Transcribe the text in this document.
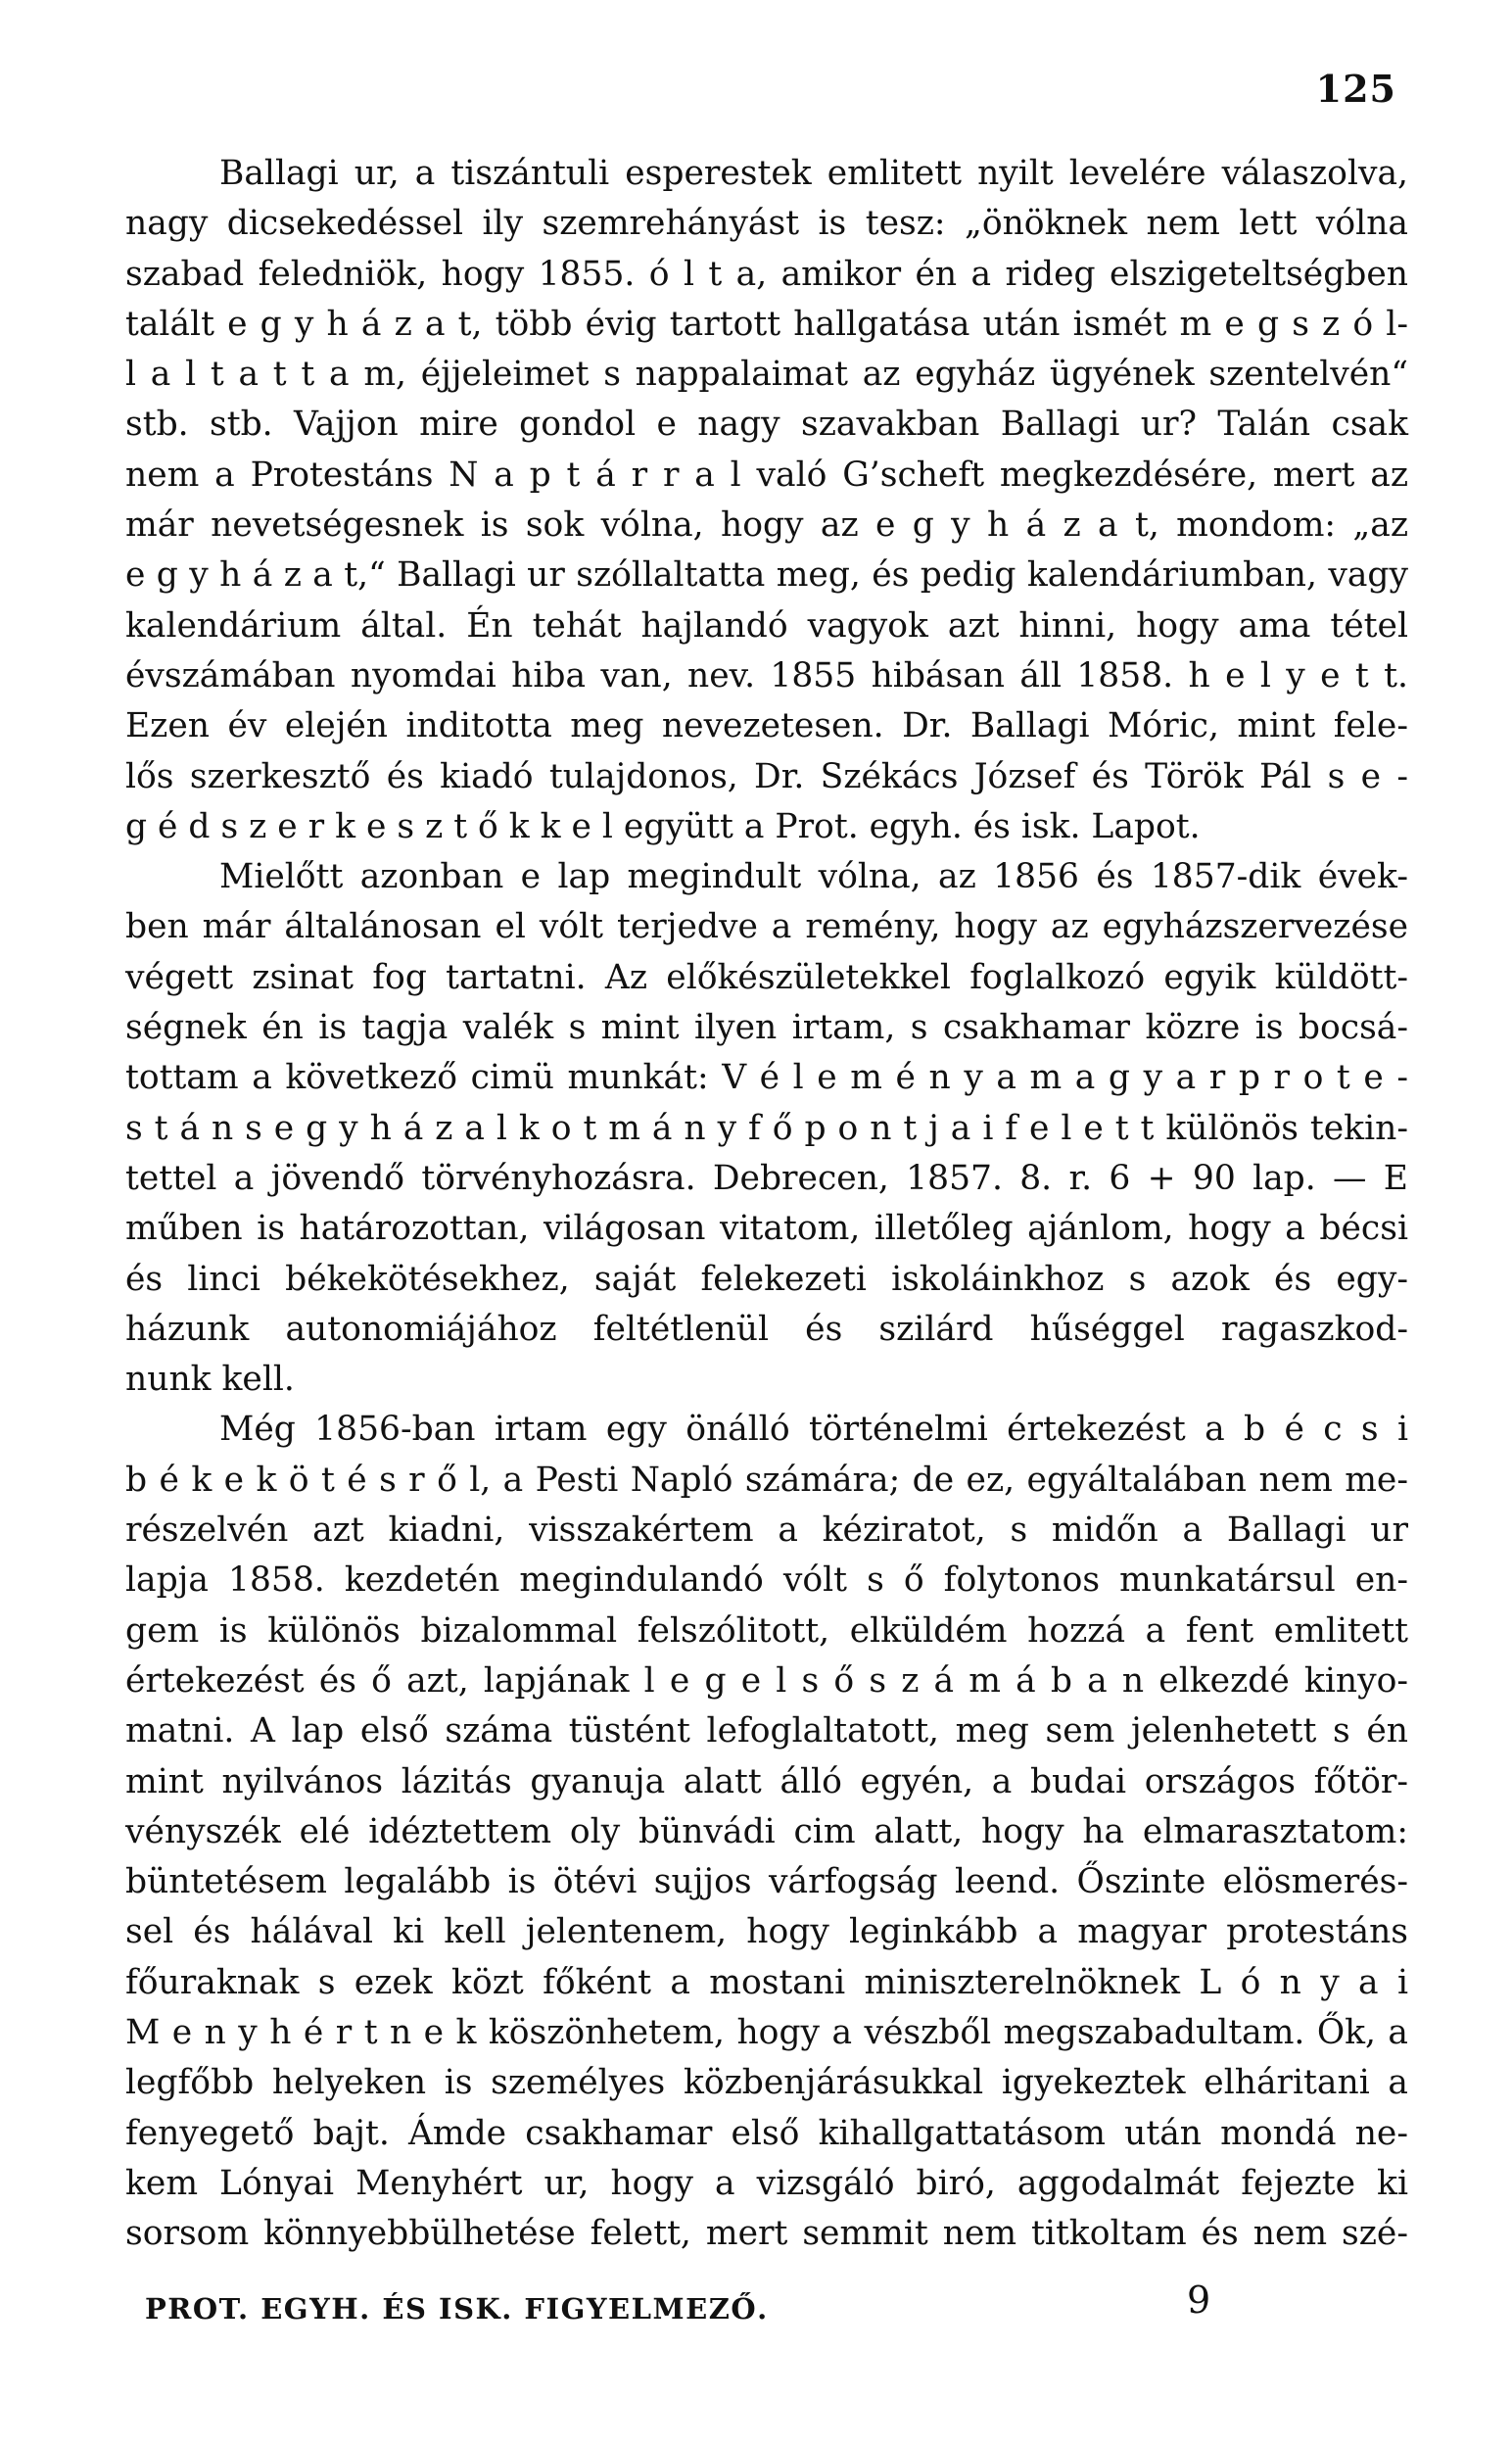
125
Ballagi ur, a tiszántuli esperestek emlitett nyilt levelére válaszolva,
nagy dicsekedéssel ily szemrehányást is tesz: „önöknek nem lett vólna
szabad feledniök, hogy 1855. ó l t a, amikor én a rideg elszigeteltségben
talált e g y h á z a t, több évig tartott hallgatása után ismét m e g s z ó l-
l a l t a t t a m, éjjeleimet s nappalaimat az egyház ügyének szentelvén“
stb. stb. Vajjon mire gondol e nagy szavakban Ballagi ur? Talán csak
nem a Protestáns N a p t á r r a l való G’scheft megkezdésére, mert az
már nevetségesnek is sok vólna, hogy az e g y h á z a t, mondom: „az
e g y h á z a t,“ Ballagi ur szóllaltatta meg, és pedig kalendáriumban, vagy
kalendárium által. Én tehát hajlandó vagyok azt hinni, hogy ama tétel
évszámában nyomdai hiba van, nev. 1855 hibásan áll 1858. h e l y e t t.
Ezen év elején inditotta meg nevezetesen. Dr. Ballagi Móric, mint fele-
lős szerkesztő és kiadó tulajdonos, Dr. Székács József és Török Pál s e -
g é d s z e r k e s z t ő k k e l együtt a Prot. egyh. és isk. Lapot.
Mielőtt azonban e lap megindult vólna, az 1856 és 1857-dik évek-
ben már általánosan el vólt terjedve a remény, hogy az egyházszervezése
végett zsinat fog tartatni. Az előkészületekkel foglalkozó egyik küldött-
ségnek én is tagja valék s mint ilyen irtam, s csakhamar közre is bocsá-
tottam a következő cimü munkát: V é l e m é n y a m a g y a r p r o t e -
s t á n s e g y h á z a l k o t m á n y f ő p o n t j a i f e l e t t különös tekin-
tettel a jövendő törvényhozásra. Debrecen, 1857. 8. r. 6 + 90 lap. — E
műben is határozottan, világosan vitatom, illetőleg ajánlom, hogy a bécsi
és linci békekötésekhez, saját felekezeti iskoláinkhoz s azok és egy-
házunk autonomiájához feltétlenül és szilárd hűséggel ragaszkod-
nunk kell.
Még 1856-ban irtam egy önálló történelmi értekezést a b é c s i
b é k e k ö t é s r ő l, a Pesti Napló számára; de ez, egyáltalában nem me-
részelvén azt kiadni, visszakértem a kéziratot, s midőn a Ballagi ur
lapja 1858. kezdetén megindulandó vólt s ő folytonos munkatársul en-
gem is különös bizalommal felszólitott, elküldém hozzá a fent emlitett
értekezést és ő azt, lapjának l e g e l s ő s z á m á b a n elkezdé kinyo-
matni. A lap első száma tüstént lefoglaltatott, meg sem jelenhetett s én
mint nyilvános lázitás gyanuja alatt álló egyén, a budai országos főtör-
vényszék elé idéztettem oly bünvádi cim alatt, hogy ha elmarasztatom:
büntetésem legalább is ötévi sujjos várfogság leend. Őszinte elösmerés-
sel és hálával ki kell jelentenem, hogy leginkább a magyar protestáns
főuraknak s ezek közt főként a mostani miniszterelnöknek L ó n y a i
M e n y h é r t n e k köszönhetem, hogy a vészből megszabadultam. Ők, a
legfőbb helyeken is személyes közbenjárásukkal igyekeztek elháritani a
fenyegető bajt. Ámde csakhamar első kihallgattatásom után mondá ne-
kem Lónyai Menyhért ur, hogy a vizsgáló biró, aggodalmát fejezte ki
sorsom könnyebbülhetése felett, mert semmit nem titkoltam és nem szé-
PROT. EGYH. ÉS ISK. FIGYELMEZŐ.	9
